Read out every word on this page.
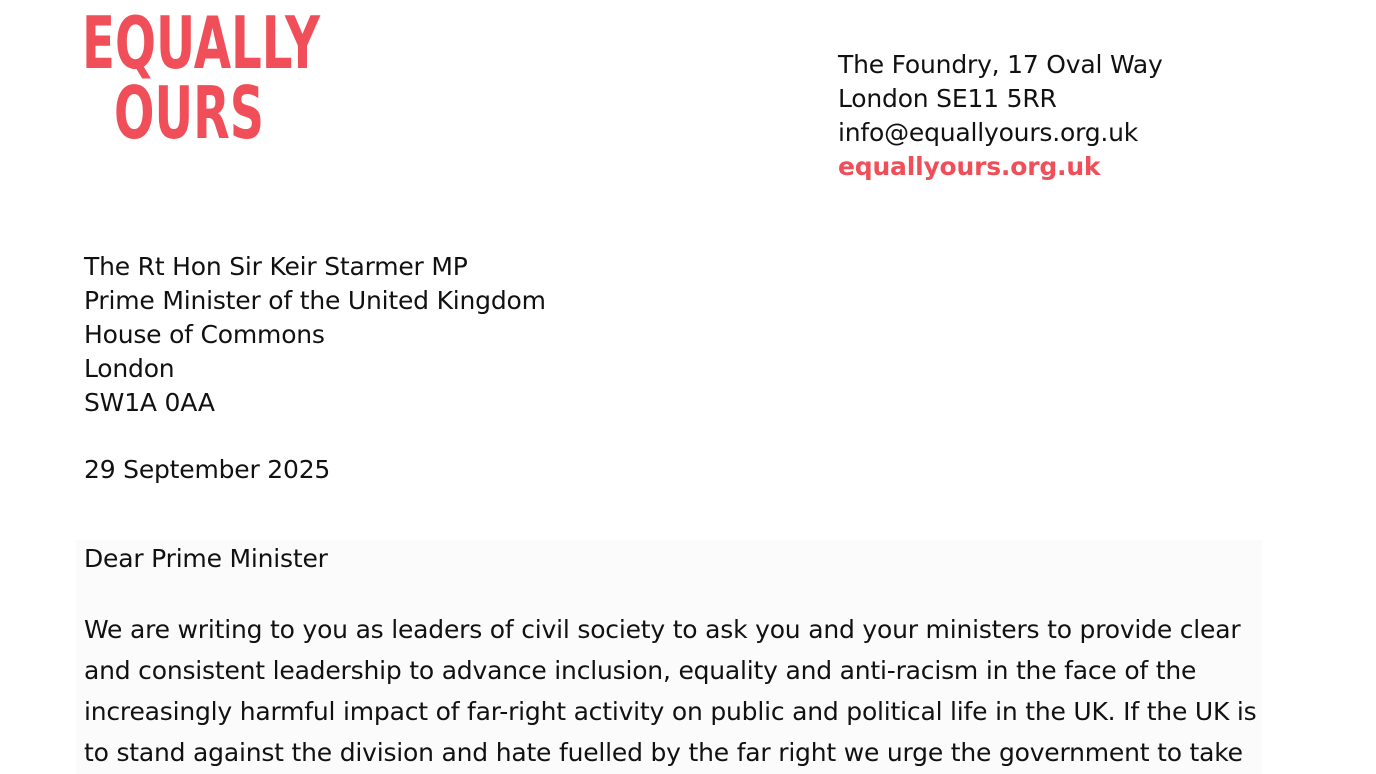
EQUALLY
OURS
The Foundry, 17 Oval Way
London SE11 5RR
info@equallyours.org.uk
equallyours.org.uk
The Rt Hon Sir Keir Starmer MP
Prime Minister of the United Kingdom
House of Commons
London
SW1A 0AA
29 September 2025
Dear Prime Minister
We are writing to you as leaders of civil society to ask you and your ministers to provide clear
and consistent leadership to advance inclusion, equality and anti-racism in the face of the
increasingly harmful impact of far-right activity on public and political life in the UK. If the UK is
to stand against the division and hate fuelled by the far right we urge the government to take
